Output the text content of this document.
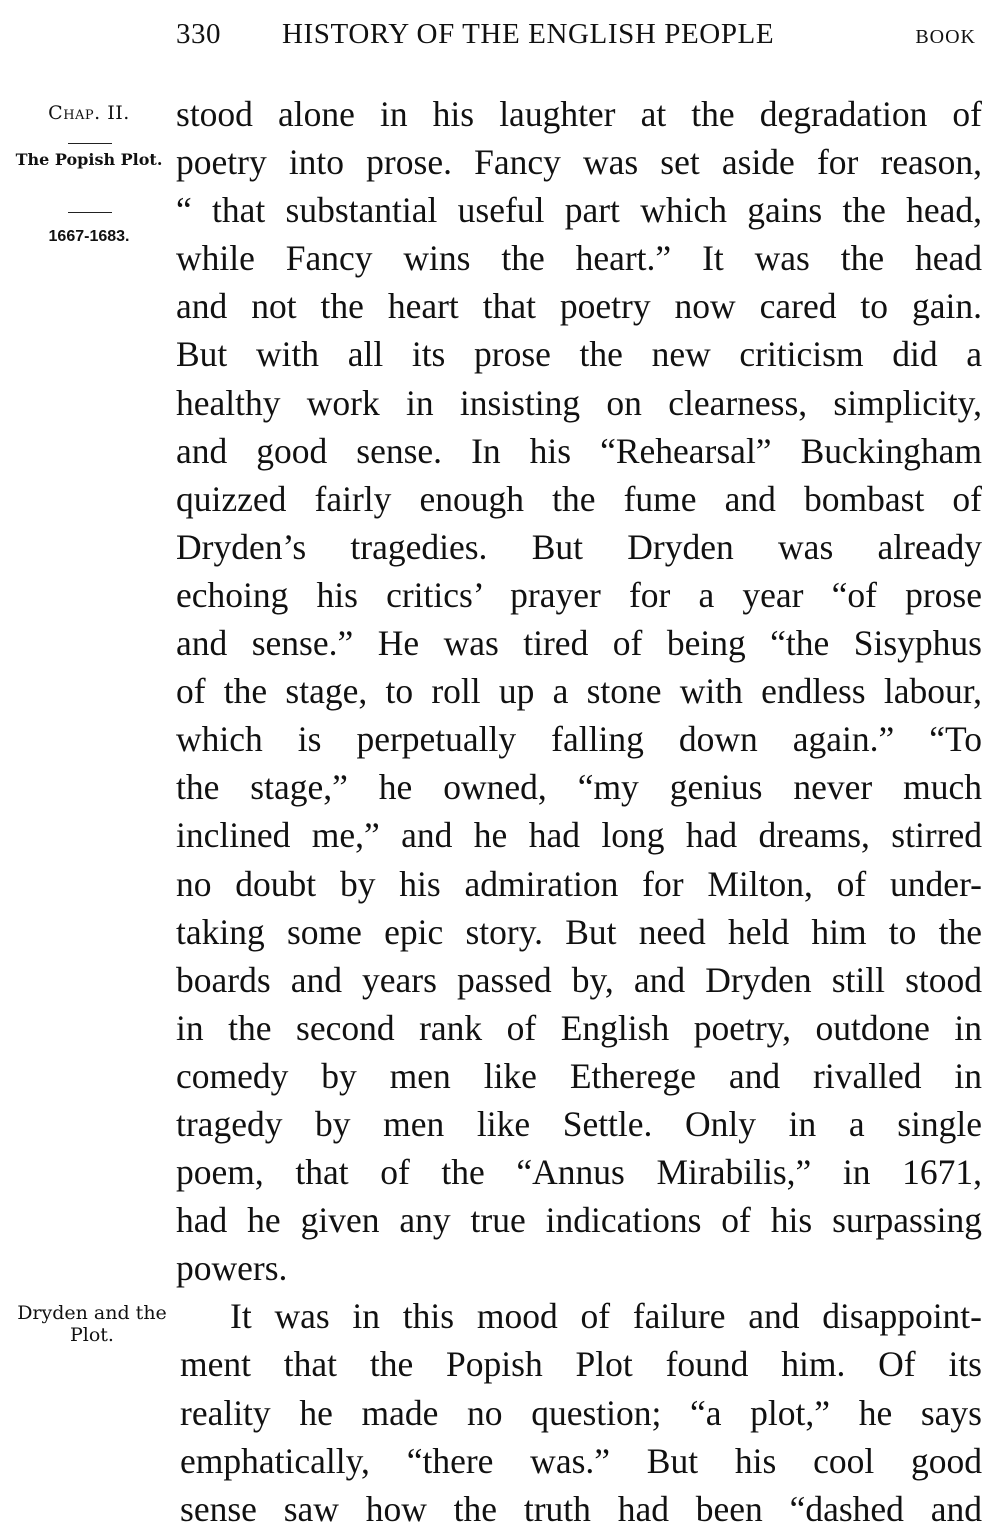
330 HISTORY OF THE ENGLISH PEOPLE	BOOK
Chap. II.
The Popish Plot.
1667-1683.
Dryden and the Plot.
stood alone in his laughter at the degradation of
poetry into prose. Fancy was set aside for reason,
“ that substantial useful part which gains the head,
while Fancy wins the heart.” It was the head
and not the heart that poetry now cared to gain.
But with all its prose the new criticism did a
healthy work in insisting on clearness, simplicity,
and good sense. In his “Rehearsal” Buckingham
quizzed fairly enough the fume and bombast of
Dryden’s tragedies. But Dryden was already
echoing his critics’ prayer for a year “of prose
and sense.” He was tired of being “the Sisyphus
of the stage, to roll up a stone with endless labour,
which is perpetually falling down again.” “To
the stage,” he owned, “my genius never much
inclined me,” and he had long had dreams, stirred
no doubt by his admiration for Milton, of under-
taking some epic story. But need held him to the
boards and years passed by, and Dryden still stood
in the second rank of English poetry, outdone in
comedy by men like Etherege and rivalled in
tragedy by men like Settle. Only in a single
poem, that of the “Annus Mirabilis,” in 1671,
had he given any true indications of his surpassing
powers.
It was in this mood of failure and disappoint-
ment that the Popish Plot found him. Of its
reality he made no question; “a plot,” he says
emphatically, “there was.” But his cool good
sense saw how the truth had been “dashed and
